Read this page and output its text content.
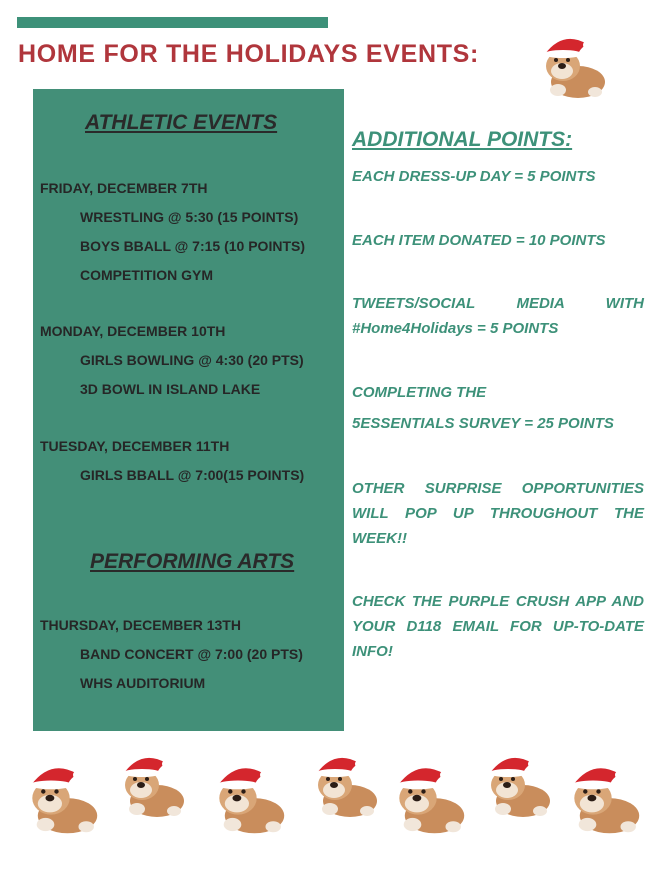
HOME FOR THE HOLIDAYS EVENTS:
ATHLETIC EVENTS
FRIDAY, DECEMBER 7TH
WRESTLING @ 5:30 (15 POINTS)
BOYS BBALL @ 7:15 (10 POINTS)
COMPETITION GYM
MONDAY, DECEMBER 10TH
GIRLS BOWLING @ 4:30 (20 PTS)
3D BOWL IN ISLAND LAKE
TUESDAY, DECEMBER 11TH
GIRLS BBALL @ 7:00(15 POINTS)
PERFORMING ARTS
THURSDAY, DECEMBER 13TH
BAND CONCERT @ 7:00 (20 PTS)
WHS AUDITORIUM
ADDITIONAL POINTS:
EACH DRESS-UP DAY = 5 POINTS
EACH ITEM DONATED = 10 POINTS
TWEETS/SOCIAL MEDIA WITH #Home4Holidays = 5 POINTS
COMPLETING THE
5ESSENTIALS SURVEY = 25 POINTS
OTHER SURPRISE OPPORTUNITIES WILL POP UP THROUGHOUT THE WEEK!!
CHECK THE PURPLE CRUSH APP AND YOUR D118 EMAIL FOR UP-TO-DATE INFO!
